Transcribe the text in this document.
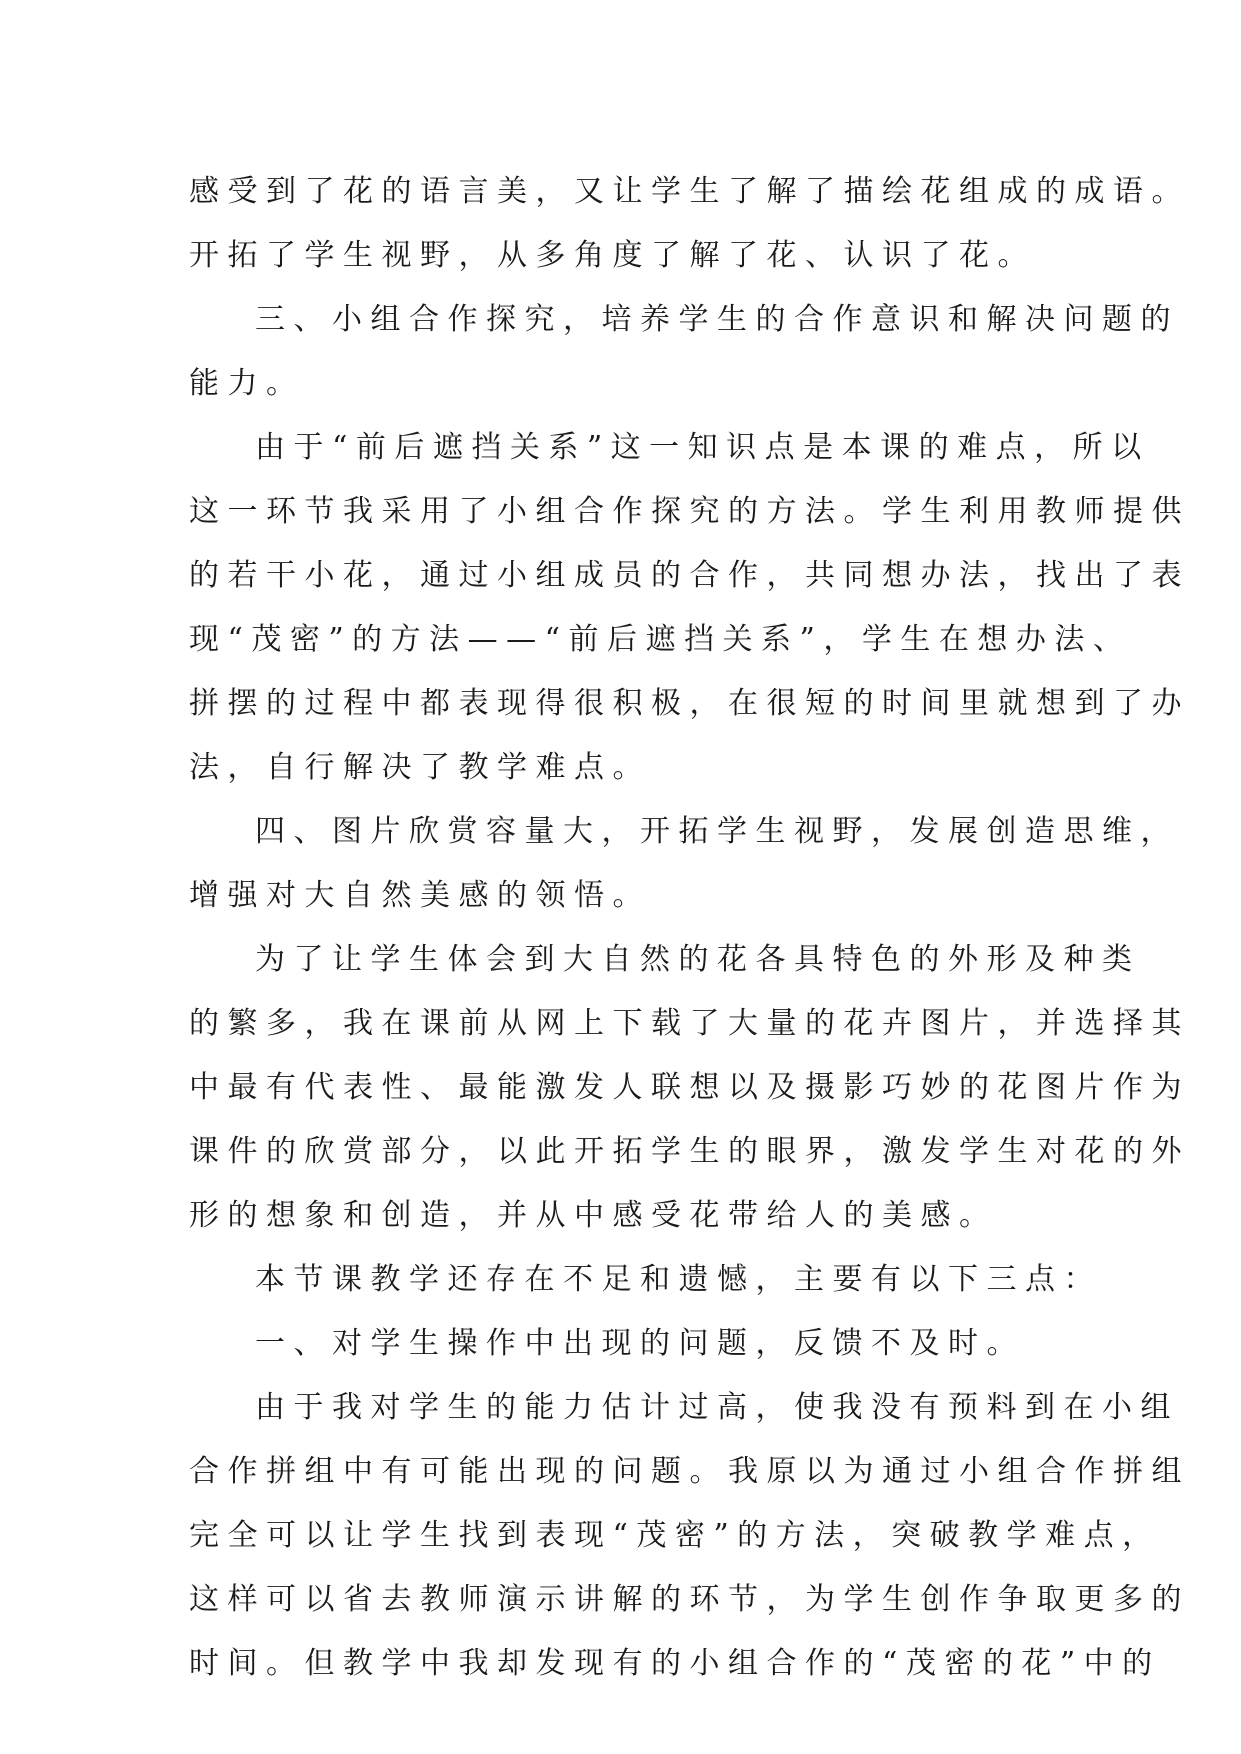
感受到了花的语言美，又让学生了解了描绘花组成的成语。
开拓了学生视野，从多角度了解了花、认识了花。
三、小组合作探究，培养学生的合作意识和解决问题的
能力。
由于“前后遮挡关系”这一知识点是本课的难点，所以
这一环节我采用了小组合作探究的方法。学生利用教师提供
的若干小花，通过小组成员的合作，共同想办法，找出了表
现“茂密”的方法——“前后遮挡关系”，学生在想办法、
拼摆的过程中都表现得很积极，在很短的时间里就想到了办
法，自行解决了教学难点。
四、图片欣赏容量大，开拓学生视野，发展创造思维，
增强对大自然美感的领悟。
为了让学生体会到大自然的花各具特色的外形及种类
的繁多，我在课前从网上下载了大量的花卉图片，并选择其
中最有代表性、最能激发人联想以及摄影巧妙的花图片作为
课件的欣赏部分，以此开拓学生的眼界，激发学生对花的外
形的想象和创造，并从中感受花带给人的美感。
本节课教学还存在不足和遗憾，主要有以下三点：
一、对学生操作中出现的问题，反馈不及时。
由于我对学生的能力估计过高，使我没有预料到在小组
合作拼组中有可能出现的问题。我原以为通过小组合作拼组
完全可以让学生找到表现“茂密”的方法，突破教学难点，
这样可以省去教师演示讲解的环节，为学生创作争取更多的
时间。但教学中我却发现有的小组合作的“茂密的花”中的
